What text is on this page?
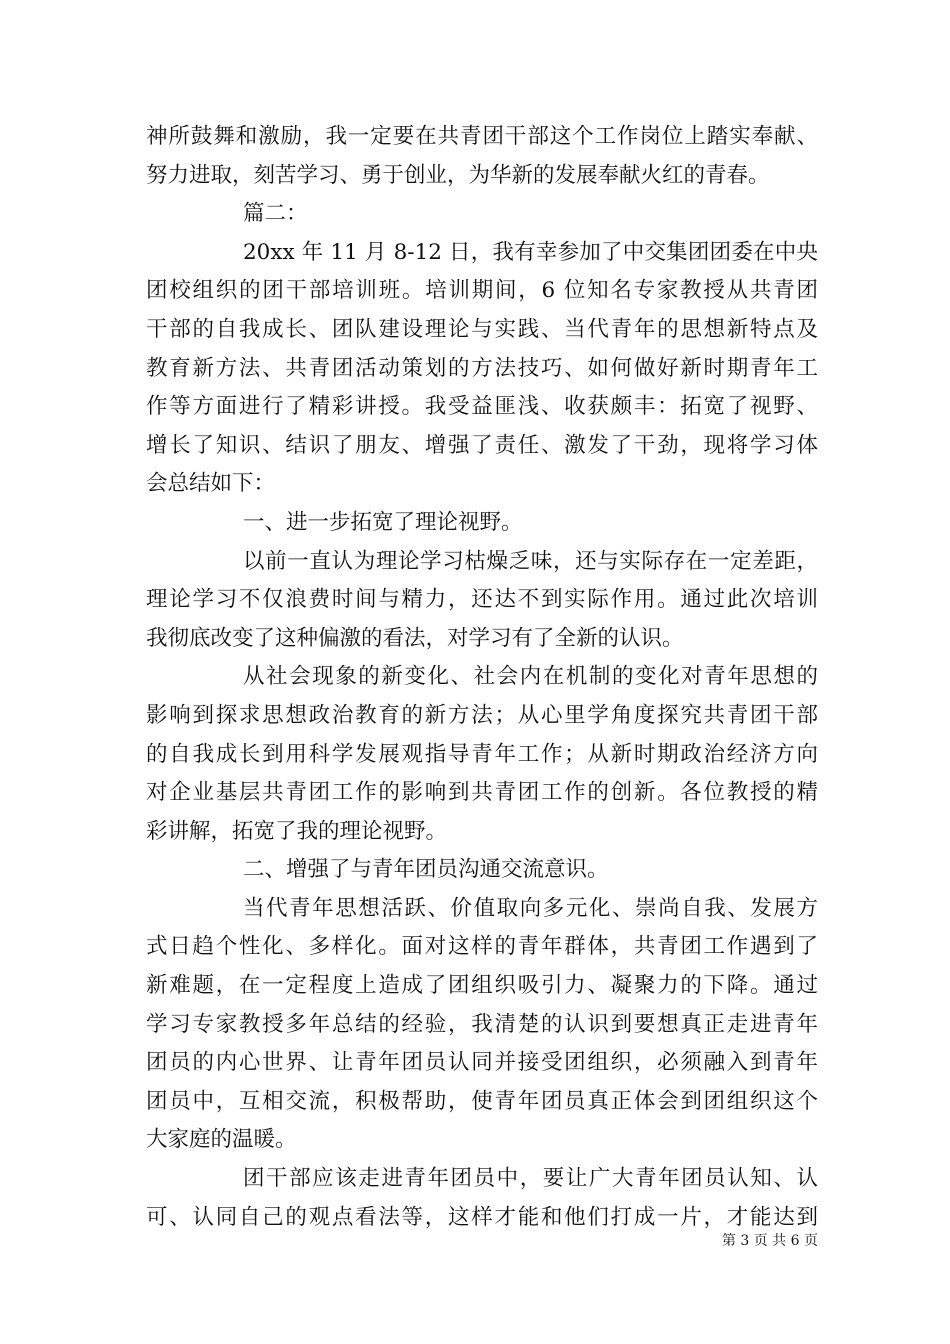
神所鼓舞和激励，我一定要在共青团干部这个工作岗位上踏实奉献、
努力进取，刻苦学习、勇于创业，为华新的发展奉献火红的青春。
篇二：
20xx 年 11 月 8-12 日，我有幸参加了中交集团团委在中央
团校组织的团干部培训班。培训期间，6 位知名专家教授从共青团
干部的自我成长、团队建设理论与实践、当代青年的思想新特点及
教育新方法、共青团活动策划的方法技巧、如何做好新时期青年工
作等方面进行了精彩讲授。我受益匪浅、收获颇丰：拓宽了视野、
增长了知识、结识了朋友、增强了责任、激发了干劲，现将学习体
会总结如下：
一、进一步拓宽了理论视野。
以前一直认为理论学习枯燥乏味，还与实际存在一定差距，
理论学习不仅浪费时间与精力，还达不到实际作用。通过此次培训
我彻底改变了这种偏激的看法，对学习有了全新的认识。
从社会现象的新变化、社会内在机制的变化对青年思想的
影响到探求思想政治教育的新方法；从心里学角度探究共青团干部
的自我成长到用科学发展观指导青年工作；从新时期政治经济方向
对企业基层共青团工作的影响到共青团工作的创新。各位教授的精
彩讲解，拓宽了我的理论视野。
二、增强了与青年团员沟通交流意识。
当代青年思想活跃、价值取向多元化、崇尚自我、发展方
式日趋个性化、多样化。面对这样的青年群体，共青团工作遇到了
新难题，在一定程度上造成了团组织吸引力、凝聚力的下降。通过
学习专家教授多年总结的经验，我清楚的认识到要想真正走进青年
团员的内心世界、让青年团员认同并接受团组织，必须融入到青年
团员中，互相交流，积极帮助，使青年团员真正体会到团组织这个
大家庭的温暖。
团干部应该走进青年团员中，要让广大青年团员认知、认
可、认同自己的观点看法等，这样才能和他们打成一片，才能达到
第 3 页 共 6 页
